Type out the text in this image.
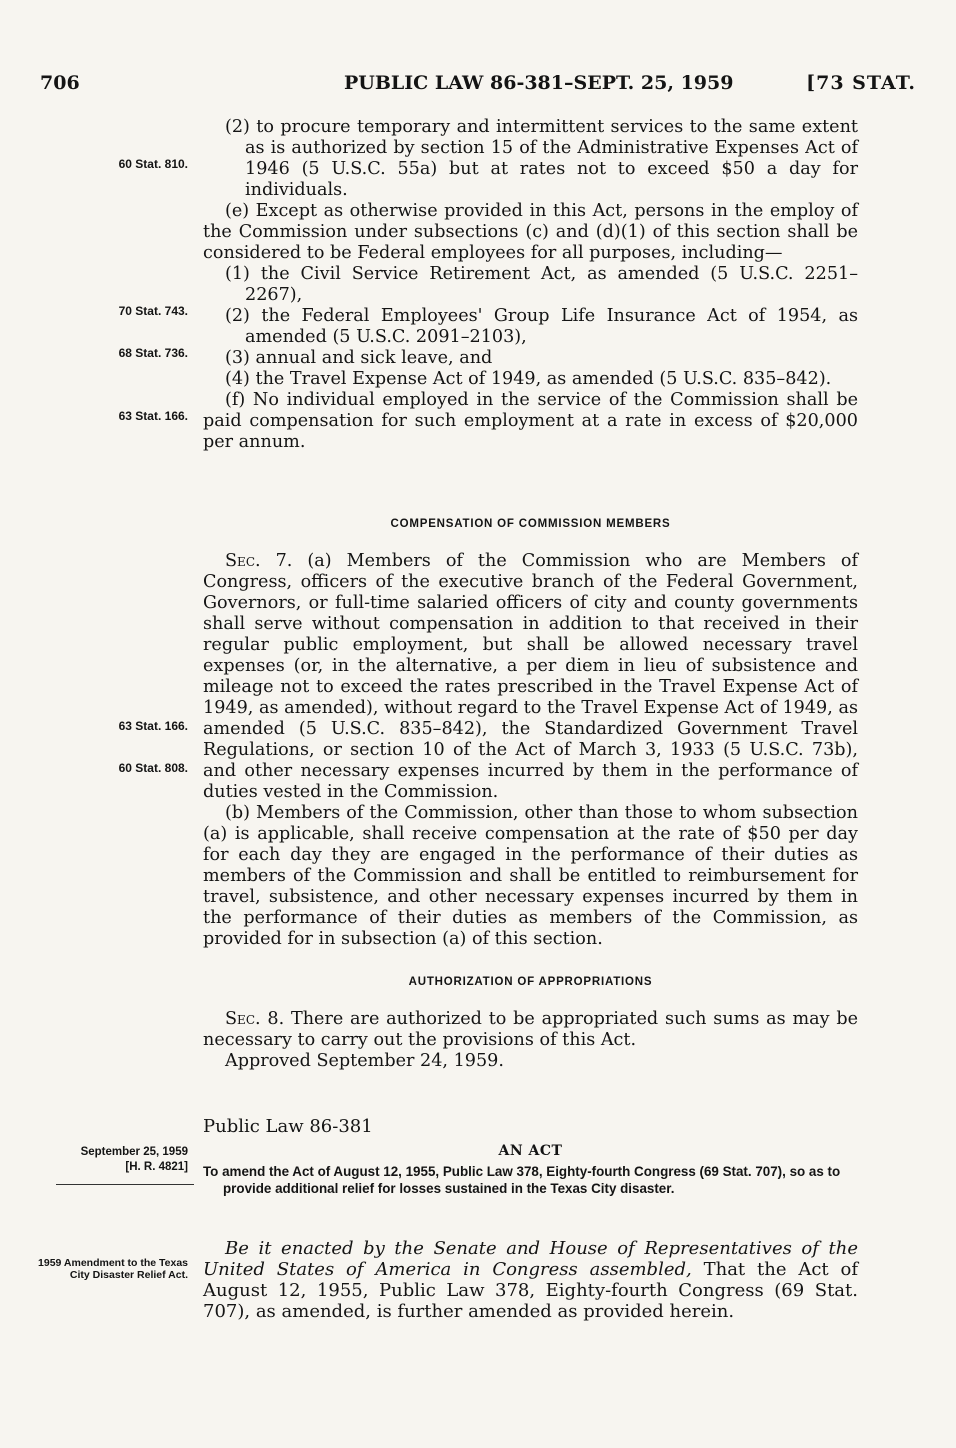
706	PUBLIC LAW 86-381–SEPT. 25, 1959	[73 STAT.
60 Stat. 810.
70 Stat. 743.
68 Stat. 736.
63 Stat. 166.
63 Stat. 166.
60 Stat. 808.

(2) to procure temporary and intermittent services to the same extent as is authorized by section 15 of the Administrative Expenses Act of 1946 (5 U.S.C. 55a) but at rates not to exceed $50 a day for individuals.

(e) Except as otherwise provided in this Act, persons in the employ of the Commission under subsections (c) and (d)(1) of this section shall be considered to be Federal employees for all purposes, including—

(1) the Civil Service Retirement Act, as amended (5 U.S.C. 2251–2267),

(2) the Federal Employees' Group Life Insurance Act of 1954, as amended (5 U.S.C. 2091–2103),

(3) annual and sick leave, and

(4) the Travel Expense Act of 1949, as amended (5 U.S.C. 835–842).

(f) No individual employed in the service of the Commission shall be paid compensation for such employment at a rate in excess of $20,000 per annum.

COMPENSATION OF COMMISSION MEMBERS

Sec. 7. (a) Members of the Commission who are Members of Congress, officers of the executive branch of the Federal Government, Governors, or full-time salaried officers of city and county governments shall serve without compensation in addition to that received in their regular public employment, but shall be allowed necessary travel expenses (or, in the alternative, a per diem in lieu of subsistence and mileage not to exceed the rates prescribed in the Travel Expense Act of 1949, as amended), without regard to the Travel Expense Act of 1949, as amended (5 U.S.C. 835–842), the Standardized Government Travel Regulations, or section 10 of the Act of March 3, 1933 (5 U.S.C. 73b), and other necessary expenses incurred by them in the performance of duties vested in the Commission.

(b) Members of the Commission, other than those to whom subsection (a) is applicable, shall receive compensation at the rate of $50 per day for each day they are engaged in the performance of their duties as members of the Commission and shall be entitled to reimbursement for travel, subsistence, and other necessary expenses incurred by them in the performance of their duties as members of the Commission, as provided for in subsection (a) of this section.

AUTHORIZATION OF APPROPRIATIONS

Sec. 8. There are authorized to be appropriated such sums as may be necessary to carry out the provisions of this Act.

Approved September 24, 1959.

Public Law 86-381
AN ACT
September 25, 1959
[H. R. 4821] To amend the Act of August 12, 1955, Public Law 378, Eighty-fourth Congress (69 Stat. 707), so as to provide additional relief for losses sustained in the Texas City disaster.
1959 Amendment to the Texas City Disaster Relief Act.

Be it enacted by the Senate and House of Representatives of the United States of America in Congress assembled, That the Act of August 12, 1955, Public Law 378, Eighty-fourth Congress (69 Stat. 707), as amended, is further amended as provided herein.
